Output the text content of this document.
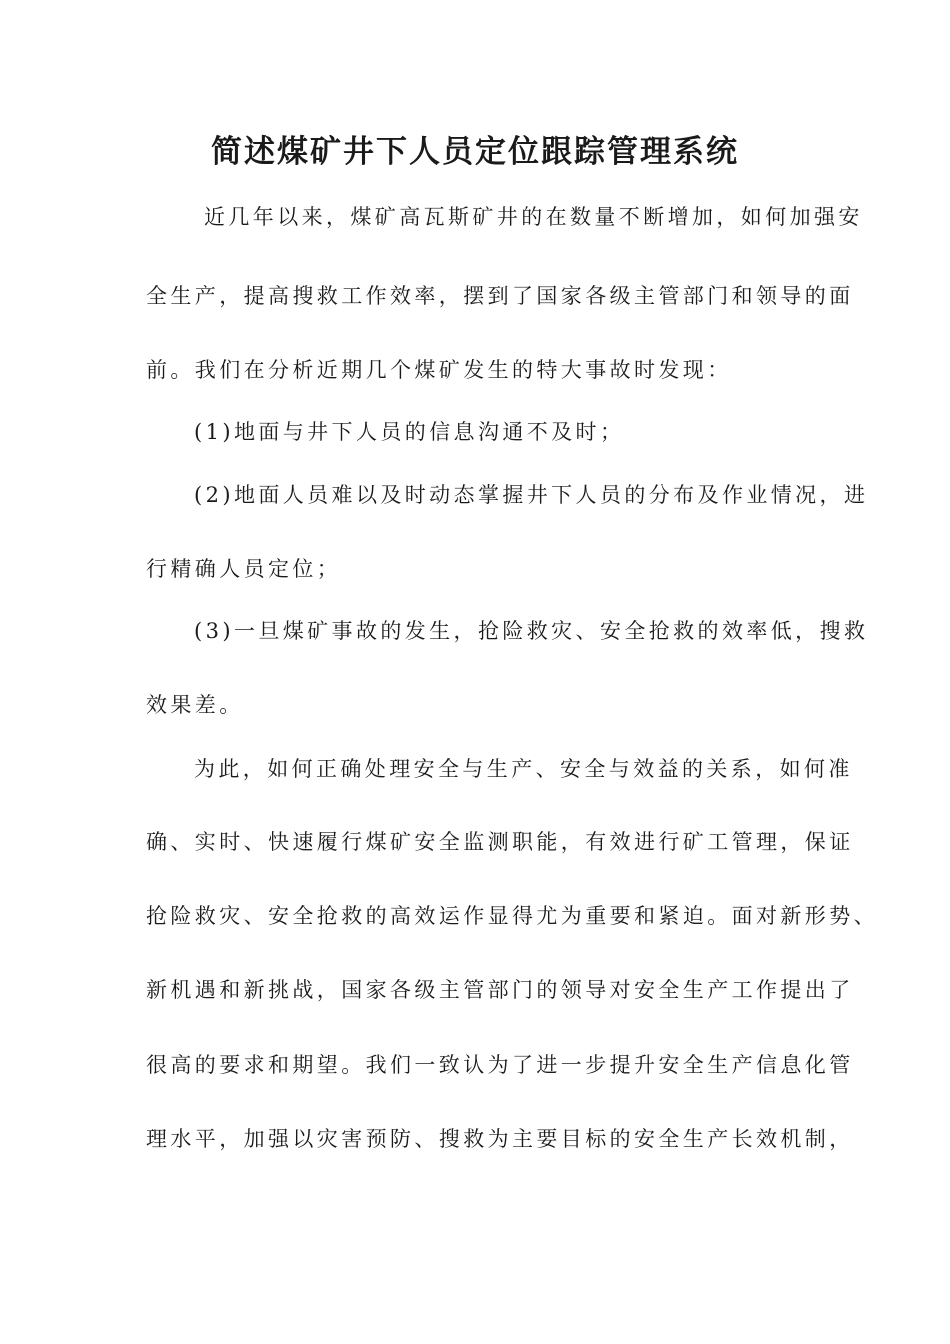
简述煤矿井下人员定位跟踪管理系统
近几年以来，煤矿高瓦斯矿井的在数量不断增加，如何加强安
全生产，提高搜救工作效率，摆到了国家各级主管部门和领导的面
前。我们在分析近期几个煤矿发生的特大事故时发现：
(1)地面与井下人员的信息沟通不及时；
(2)地面人员难以及时动态掌握井下人员的分布及作业情况，进
行精确人员定位；
(3)一旦煤矿事故的发生，抢险救灾、安全抢救的效率低，搜救
效果差。
为此，如何正确处理安全与生产、安全与效益的关系，如何准
确、实时、快速履行煤矿安全监测职能，有效进行矿工管理，保证
抢险救灾、安全抢救的高效运作显得尤为重要和紧迫。面对新形势、
新机遇和新挑战，国家各级主管部门的领导对安全生产工作提出了
很高的要求和期望。我们一致认为了进一步提升安全生产信息化管
理水平，加强以灾害预防、搜救为主要目标的安全生产长效机制，
